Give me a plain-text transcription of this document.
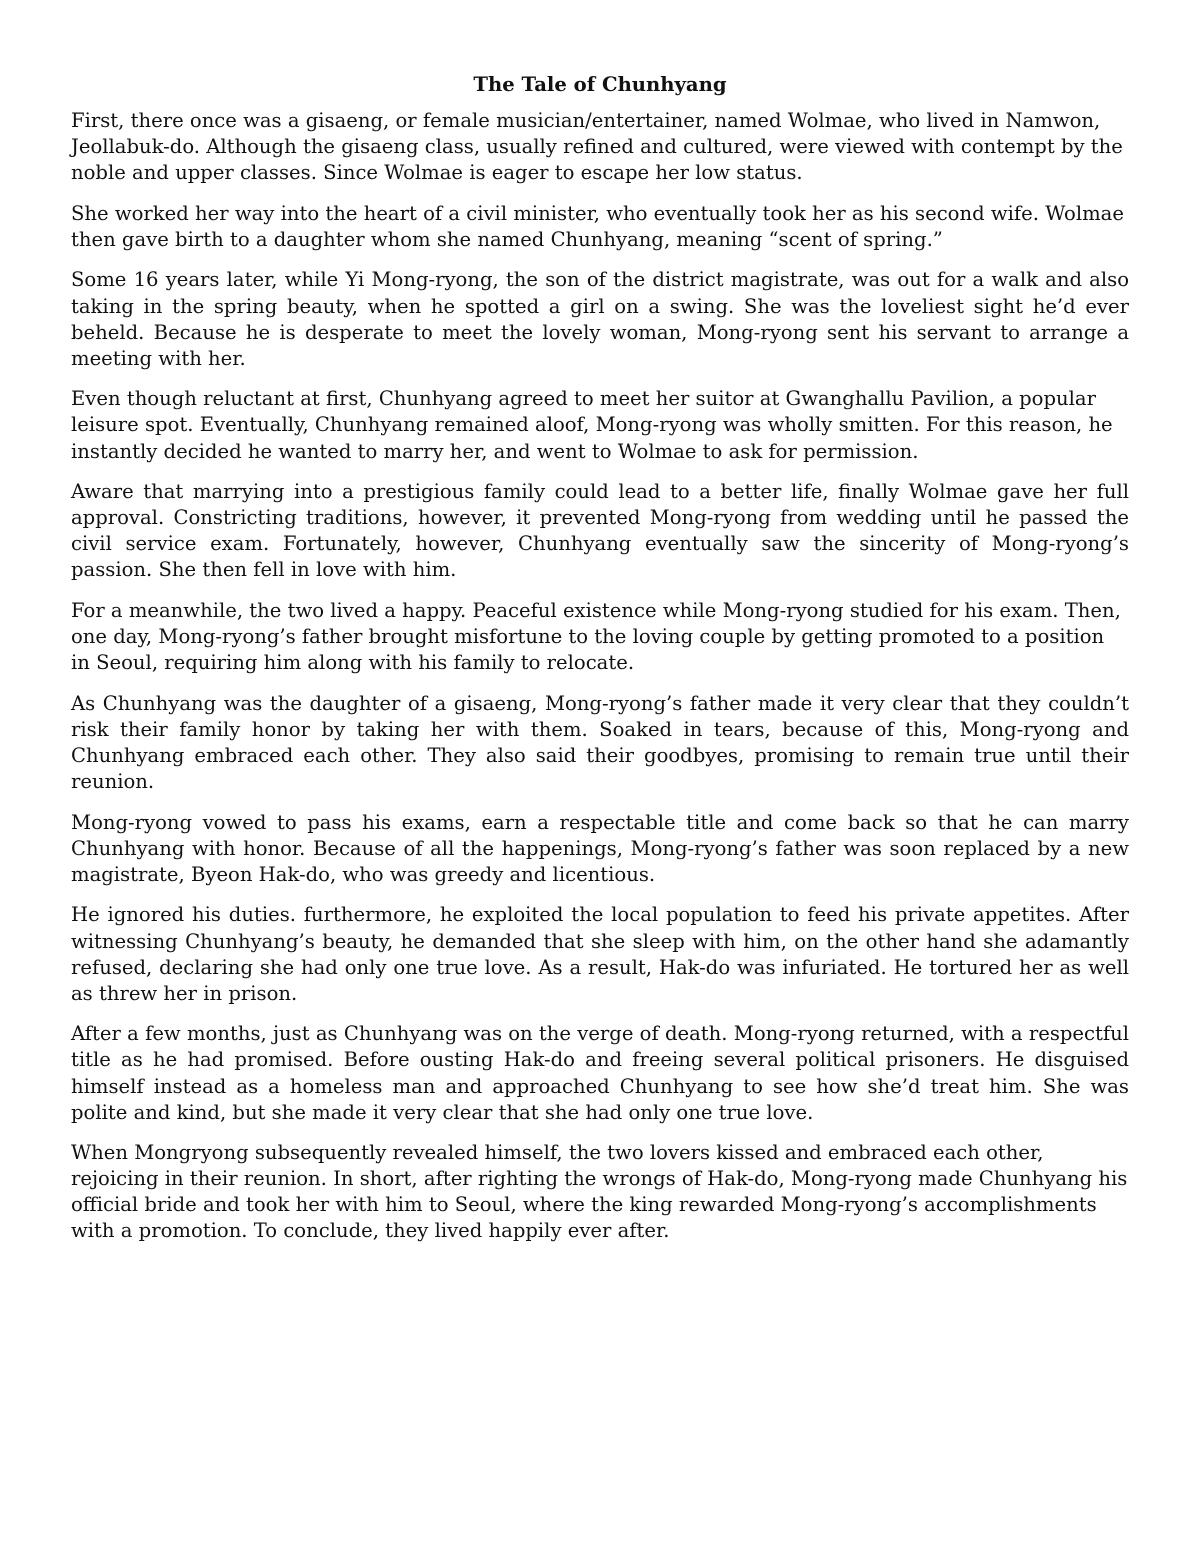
The Tale of Chunhyang

First, there once was a gisaeng, or female musician/entertainer, named Wolmae, who lived in Namwon, Jeollabuk-do. Although the gisaeng class, usually refined and cultured, were viewed with contempt by the noble and upper classes. Since Wolmae is eager to escape her low status.

She worked her way into the heart of a civil minister, who eventually took her as his second wife. Wolmae then gave birth to a daughter whom she named Chunhyang, meaning “scent of spring.”

Some 16 years later, while Yi Mong-ryong, the son of the district magistrate, was out for a walk and also taking in the spring beauty, when he spotted a girl on a swing. She was the loveliest sight he’d ever beheld. Because he is desperate to meet the lovely woman, Mong-ryong sent his servant to arrange a meeting with her.

Even though reluctant at first, Chunhyang agreed to meet her suitor at Gwanghallu Pavilion, a popular leisure spot. Eventually, Chunhyang remained aloof, Mong-ryong was wholly smitten. For this reason, he instantly decided he wanted to marry her, and went to Wolmae to ask for permission.

Aware that marrying into a prestigious family could lead to a better life, finally Wolmae gave her full approval. Constricting traditions, however, it prevented Mong-ryong from wedding until he passed the civil service exam. Fortunately, however, Chunhyang eventually saw the sincerity of Mong-ryong’s passion. She then fell in love with him.

For a meanwhile, the two lived a happy. Peaceful existence while Mong-ryong studied for his exam. Then, one day, Mong-ryong’s father brought misfortune to the loving couple by getting promoted to a position in Seoul, requiring him along with his family to relocate.

As Chunhyang was the daughter of a gisaeng, Mong-ryong’s father made it very clear that they couldn’t risk their family honor by taking her with them. Soaked in tears, because of this, Mong-ryong and Chunhyang embraced each other. They also said their goodbyes, promising to remain true until their reunion.

Mong-ryong vowed to pass his exams, earn a respectable title and come back so that he can marry Chunhyang with honor. Because of all the happenings, Mong-ryong’s father was soon replaced by a new magistrate, Byeon Hak-do, who was greedy and licentious.

He ignored his duties. furthermore, he exploited the local population to feed his private appetites. After witnessing Chunhyang’s beauty, he demanded that she sleep with him, on the other hand she adamantly refused, declaring she had only one true love. As a result, Hak-do was infuriated. He tortured her as well as threw her in prison.

After a few months, just as Chunhyang was on the verge of death. Mong-ryong returned, with a respectful title as he had promised. Before ousting Hak-do and freeing several political prisoners. He disguised himself instead as a homeless man and approached Chunhyang to see how she’d treat him. She was polite and kind, but she made it very clear that she had only one true love.

When Mongryong subsequently revealed himself, the two lovers kissed and embraced each other, rejoicing in their reunion. In short, after righting the wrongs of Hak-do, Mong-ryong made Chunhyang his official bride and took her with him to Seoul, where the king rewarded Mong-ryong’s accomplishments with a promotion. To conclude, they lived happily ever after.
